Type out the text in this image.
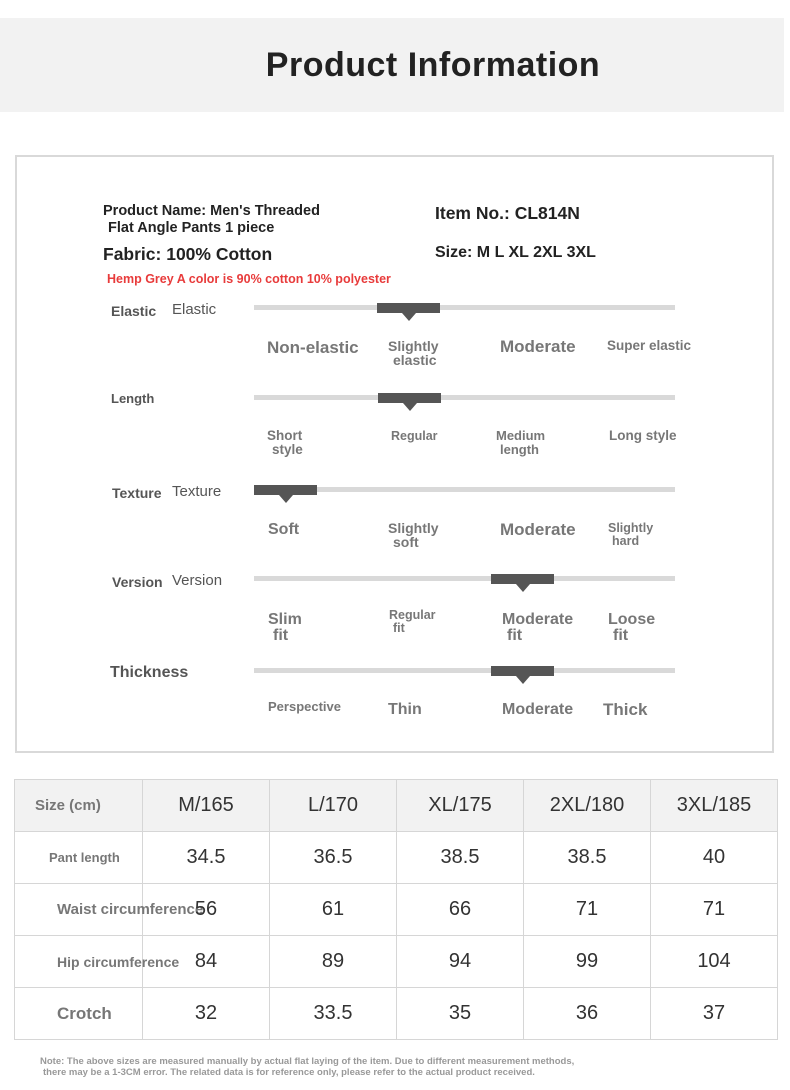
Product Information
Product Name: Men's Threaded
Flat Angle Pants 1 piece
Fabric: 100% Cotton
Item No.: CL814N
Size: M L XL 2XL 3XL
Hemp Grey A color is 90% cotton 10% polyester
Elastic Elastic
Non-elastic Slightly
elastic
Moderate Super elastic
Length
Short
style
Regular	Medium
length
Long style
Texture Texture
Soft	Slightly
soft
Moderate	Slightly
hard
Version Version
Slim
fit
Regular
fit	Moderate
fit
Loose
fit
Thickness
Perspective	Thin	Moderate Thick
Size (cm)	M/165	L/170	XL/175	2XL/180	3XL/185
Pant length	34.5	36.5	38.5	38.5	40
Waist circumference	56	61	66	71	71
Hip circumference	84	89	94	99	104
Crotch	32	33.5	35	36	37
Note: The above sizes are measured manually by actual flat laying of the item. Due to different measurement methods,
there may be a 1-3CM error. The related data is for reference only, please refer to the actual product received.
